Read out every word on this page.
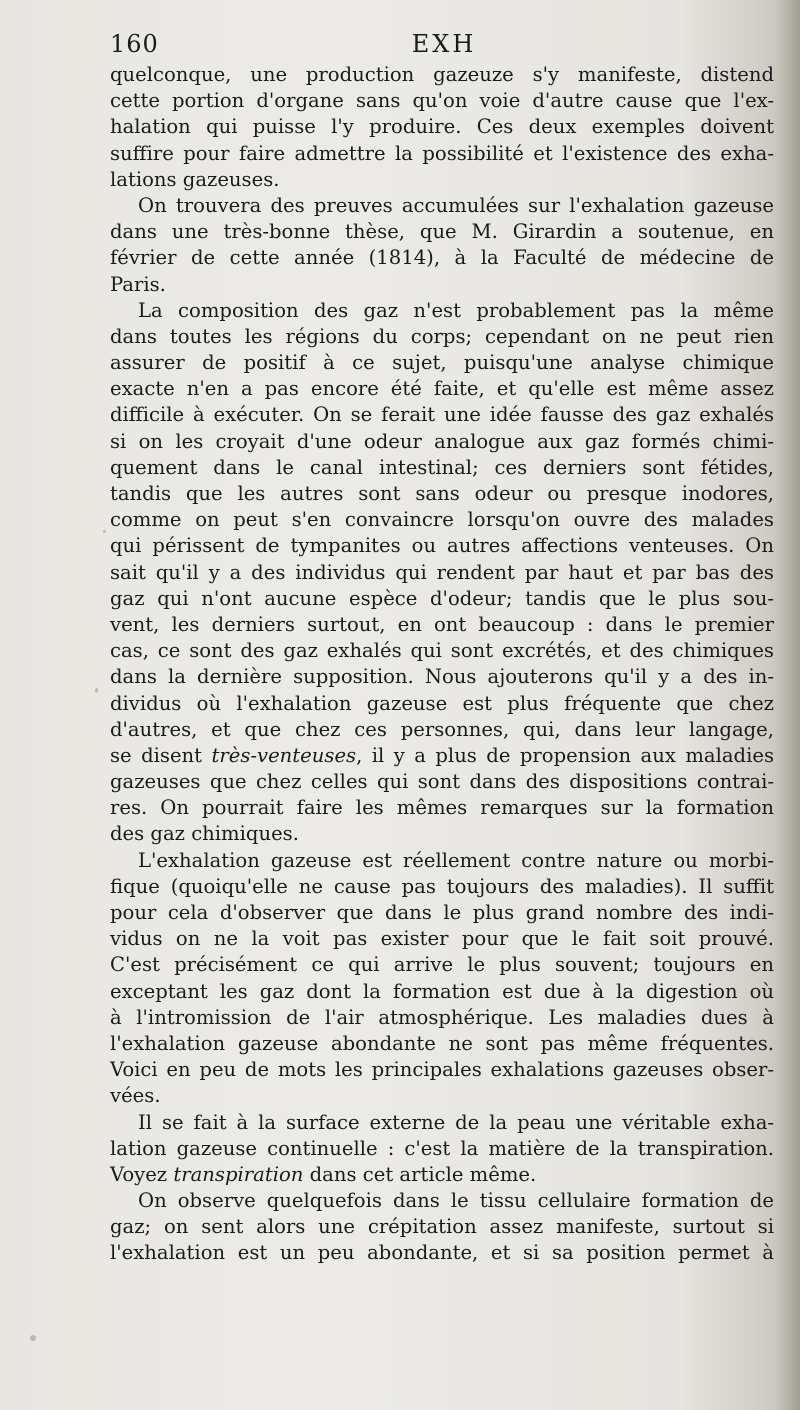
160	EXH
quelconque, une production gazeuze s'y manifeste, distend
cette portion d'organe sans qu'on voie d'autre cause que l'ex-
halation qui puisse l'y produire. Ces deux exemples doivent
suffire pour faire admettre la possibilité et l'existence des exha-
lations gazeuses.
On trouvera des preuves accumulées sur l'exhalation gazeuse
dans une très-bonne thèse, que M. Girardin a soutenue, en
février de cette année (1814), à la Faculté de médecine de
Paris.
La composition des gaz n'est probablement pas la même
dans toutes les régions du corps; cependant on ne peut rien
assurer de positif à ce sujet, puisqu'une analyse chimique
exacte n'en a pas encore été faite, et qu'elle est même assez
difficile à exécuter. On se ferait une idée fausse des gaz exhalés
si on les croyait d'une odeur analogue aux gaz formés chimi-
quement dans le canal intestinal; ces derniers sont fétides,
tandis que les autres sont sans odeur ou presque inodores,
comme on peut s'en convaincre lorsqu'on ouvre des malades
qui périssent de tympanites ou autres affections venteuses. On
sait qu'il y a des individus qui rendent par haut et par bas des
gaz qui n'ont aucune espèce d'odeur; tandis que le plus sou-
vent, les derniers surtout, en ont beaucoup : dans le premier
cas, ce sont des gaz exhalés qui sont excrétés, et des chimiques
dans la dernière supposition. Nous ajouterons qu'il y a des in-
dividus où l'exhalation gazeuse est plus fréquente que chez
d'autres, et que chez ces personnes, qui, dans leur langage,
se disent très-venteuses, il y a plus de propension aux maladies
gazeuses que chez celles qui sont dans des dispositions contrai-
res. On pourrait faire les mêmes remarques sur la formation
des gaz chimiques.
L'exhalation gazeuse est réellement contre nature ou morbi-
fique (quoiqu'elle ne cause pas toujours des maladies). Il suffit
pour cela d'observer que dans le plus grand nombre des indi-
vidus on ne la voit pas exister pour que le fait soit prouvé.
C'est précisément ce qui arrive le plus souvent; toujours en
exceptant les gaz dont la formation est due à la digestion où
à l'intromission de l'air atmosphérique. Les maladies dues à
l'exhalation gazeuse abondante ne sont pas même fréquentes.
Voici en peu de mots les principales exhalations gazeuses obser-
vées.
Il se fait à la surface externe de la peau une véritable exha-
lation gazeuse continuelle : c'est la matière de la transpiration.
Voyez transpiration dans cet article même.
On observe quelquefois dans le tissu cellulaire formation de
gaz; on sent alors une crépitation assez manifeste, surtout si
l'exhalation est un peu abondante, et si sa position permet à
